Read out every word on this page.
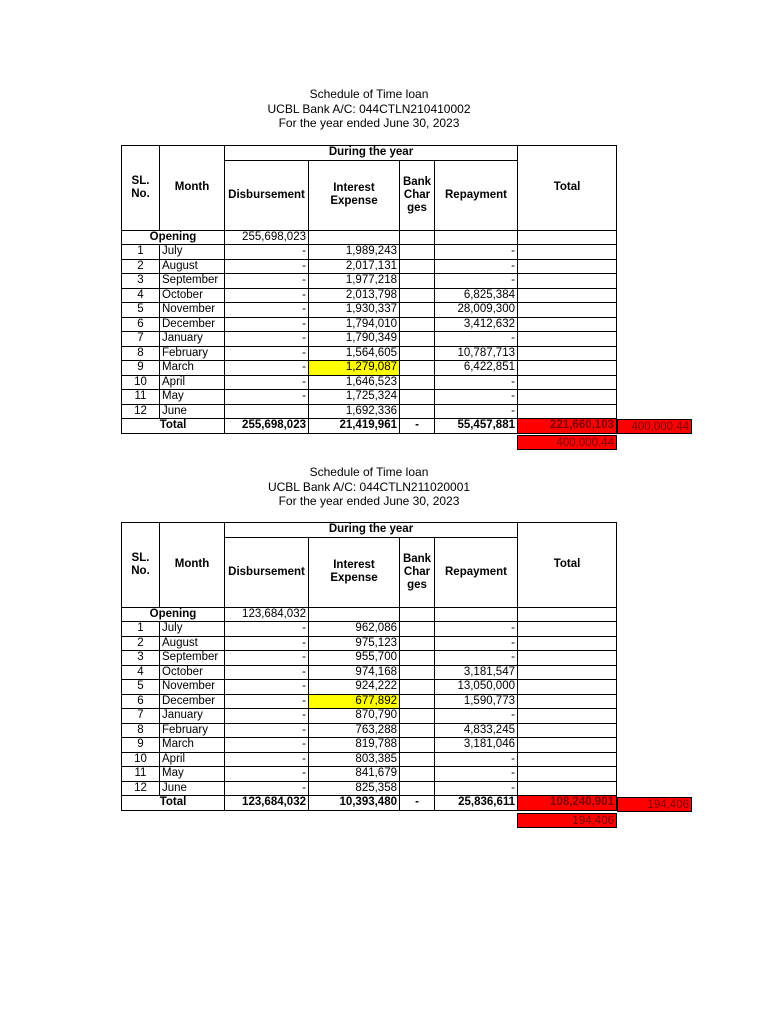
Schedule of Time loan
UCBL Bank A/C: 044CTLN210410002
For the year ended June 30, 2023
SL. No.	Month	During the year				Total
		Disbursement	Interest Expense	Bank Char ges	Repayment	
Opening		255,698,023				
1	July	-	1,989,243		-	
2	August	-	2,017,131		-	
3	September	-	1,977,218		-	
4	October	-	2,013,798		6,825,384	
5	November	-	1,930,337		28,009,300	
6	December	-	1,794,010		3,412,632	
7	January	-	1,790,349		-	
8	February	-	1,564,605		10,787,713	
9	March	-	1,279,087		6,422,851	
10	April	-	1,646,523		-	
11	May	-	1,725,324		-	
12	June		1,692,336		-	
Total		255,698,023	21,419,961	-	55,457,881	221,660,103	400,000.44
400,000.44
Schedule of Time loan
UCBL Bank A/C: 044CTLN211020001
For the year ended June 30, 2023
SL. No.	Month	During the year				Total
		Disbursement	Interest Expense	Bank Char ges	Repayment	
Opening		123,684,032				
1	July	-	962,086		-	
2	August	-	975,123		-	
3	September	-	955,700		-	
4	October	-	974,168		3,181,547	
5	November	-	924,222		13,050,000	
6	December	-	677,892		1,590,773	
7	January	-	870,790		-	
8	February	-	763,288		4,833,245	
9	March	-	819,788		3,181,046	
10	April	-	803,385		-	
11	May	-	841,679		-	
12	June	-	825,358		-	
Total		123,684,032	10,393,480	-	25,836,611	108,240,901	194,406
194,406
